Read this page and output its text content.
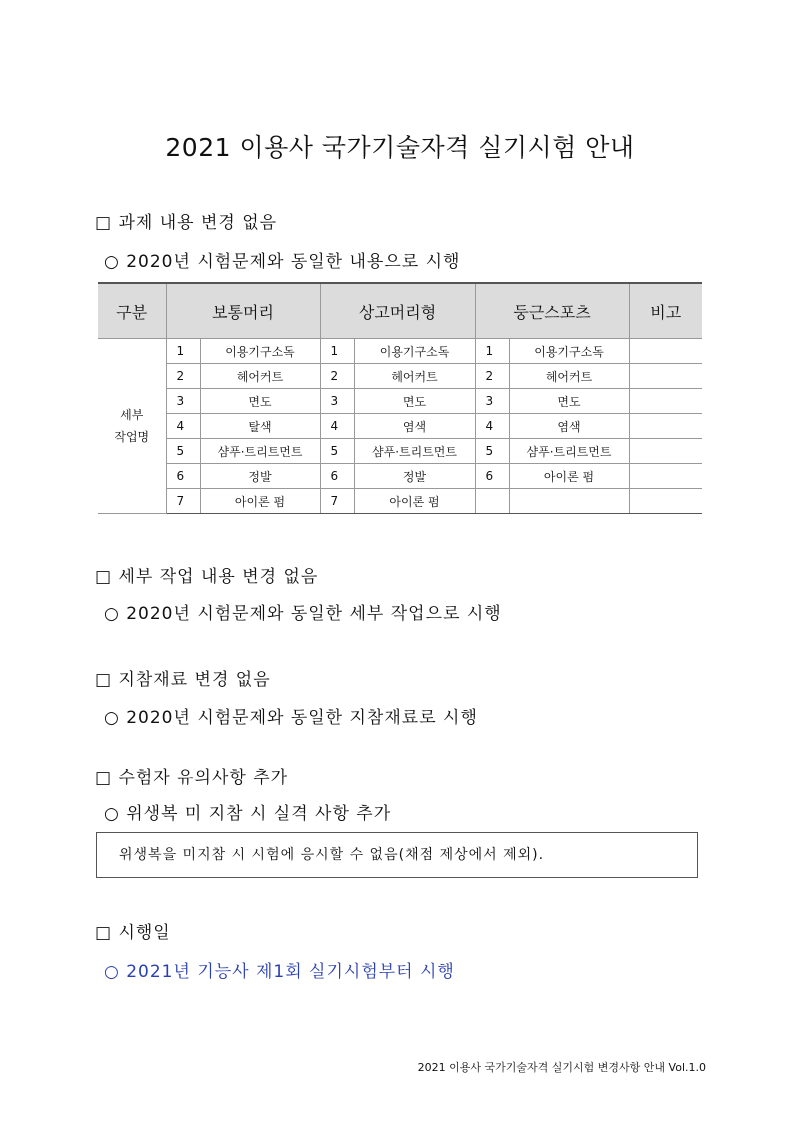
2021 이용사 국가기술자격 실기시험 안내
□ 과제 내용 변경 없음
○ 2020년 시험문제와 동일한 내용으로 시행
구분	보통머리		상고머리형		둥근스포츠		비고
세부
작업명	1	이용기구소독	1	이용기구소독	1	이용기구소독	
	2	헤어커트	2	헤어커트	2	헤어커트	
	3	면도	3	면도	3	면도	
	4	탈색	4	염색	4	염색	
	5	샴푸·트리트먼트	5	샴푸·트리트먼트	5	샴푸·트리트먼트	
	6	정발	6	정발	6	아이론 펌	
	7	아이론 펌	7	아이론 펌			
□ 세부 작업 내용 변경 없음
○ 2020년 시험문제와 동일한 세부 작업으로 시행
□ 지참재료 변경 없음
○ 2020년 시험문제와 동일한 지참재료로 시행
□ 수험자 유의사항 추가
○ 위생복 미 지참 시 실격 사항 추가
위생복을 미지참 시 시험에 응시할 수 없음(채점 제상에서 제외).
□ 시행일
○ 2021년 기능사 제1회 실기시험부터 시행
2021 이용사 국가기술자격 실기시험 변경사항 안내 Vol.1.0
